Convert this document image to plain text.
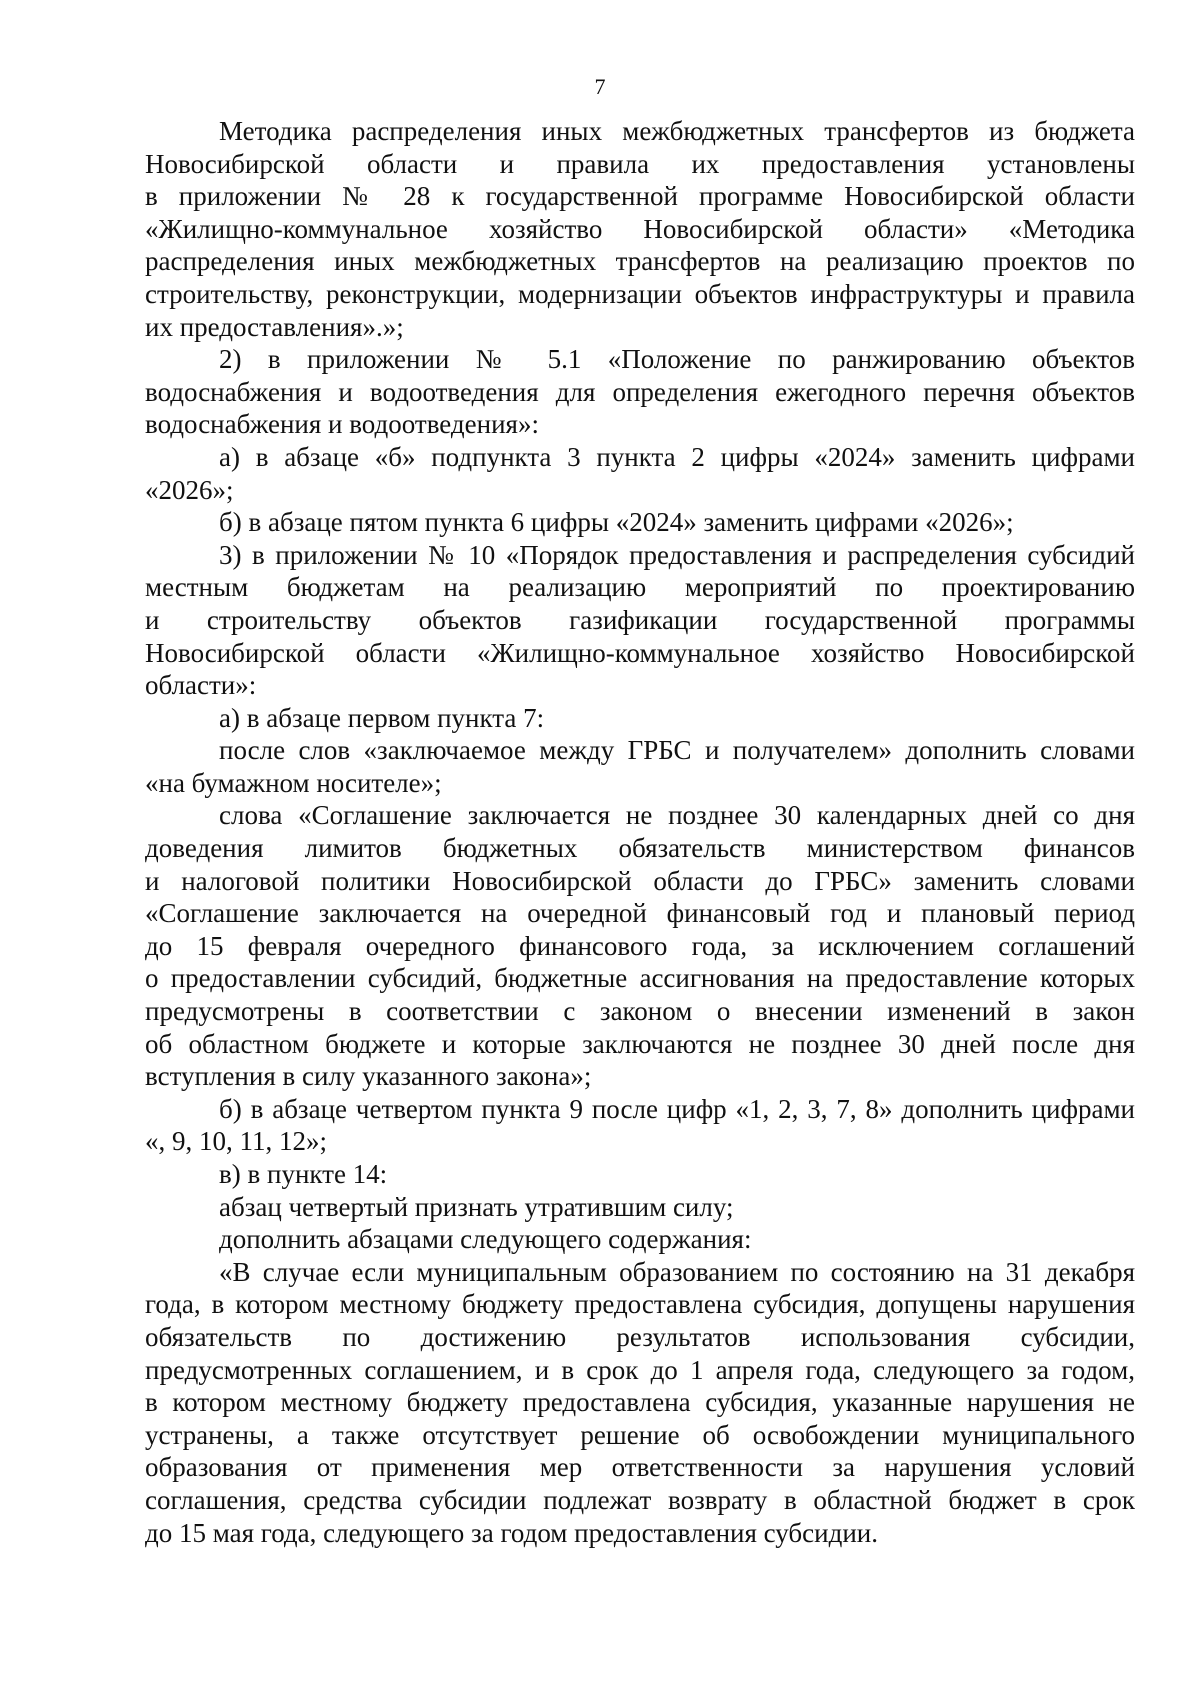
7
Методика распределения иных межбюджетных трансфертов из бюджета
Новосибирской области и правила их предоставления установлены
в приложении № 28 к государственной программе Новосибирской области
«Жилищно-коммунальное хозяйство Новосибирской области» «Методика
распределения иных межбюджетных трансфертов на реализацию проектов по
строительству, реконструкции, модернизации объектов инфраструктуры и правила
их предоставления».»;
2) в приложении № 5.1 «Положение по ранжированию объектов
водоснабжения и водоотведения для определения ежегодного перечня объектов
водоснабжения и водоотведения»:
а) в абзаце «б» подпункта 3 пункта 2 цифры «2024» заменить цифрами
«2026»;
б) в абзаце пятом пункта 6 цифры «2024» заменить цифрами «2026»;
3) в приложении № 10 «Порядок предоставления и распределения субсидий
местным бюджетам на реализацию мероприятий по проектированию
и строительству объектов газификации государственной программы
Новосибирской области «Жилищно-коммунальное хозяйство Новосибирской
области»:
а) в абзаце первом пункта 7:
после слов «заключаемое между ГРБС и получателем» дополнить словами
«на бумажном носителе»;
слова «Соглашение заключается не позднее 30 календарных дней со дня
доведения лимитов бюджетных обязательств министерством финансов
и налоговой политики Новосибирской области до ГРБС» заменить словами
«Соглашение заключается на очередной финансовый год и плановый период
до 15 февраля очередного финансового года, за исключением соглашений
о предоставлении субсидий, бюджетные ассигнования на предоставление которых
предусмотрены в соответствии с законом о внесении изменений в закон
об областном бюджете и которые заключаются не позднее 30 дней после дня
вступления в силу указанного закона»;
б) в абзаце четвертом пункта 9 после цифр «1, 2, 3, 7, 8» дополнить цифрами
«, 9, 10, 11, 12»;
в) в пункте 14:
абзац четвертый признать утратившим силу;
дополнить абзацами следующего содержания:
«В случае если муниципальным образованием по состоянию на 31 декабря
года, в котором местному бюджету предоставлена субсидия, допущены нарушения
обязательств по достижению результатов использования субсидии,
предусмотренных соглашением, и в срок до 1 апреля года, следующего за годом,
в котором местному бюджету предоставлена субсидия, указанные нарушения не
устранены, а также отсутствует решение об освобождении муниципального
образования от применения мер ответственности за нарушения условий
соглашения, средства субсидии подлежат возврату в областной бюджет в срок
до 15 мая года, следующего за годом предоставления субсидии.
